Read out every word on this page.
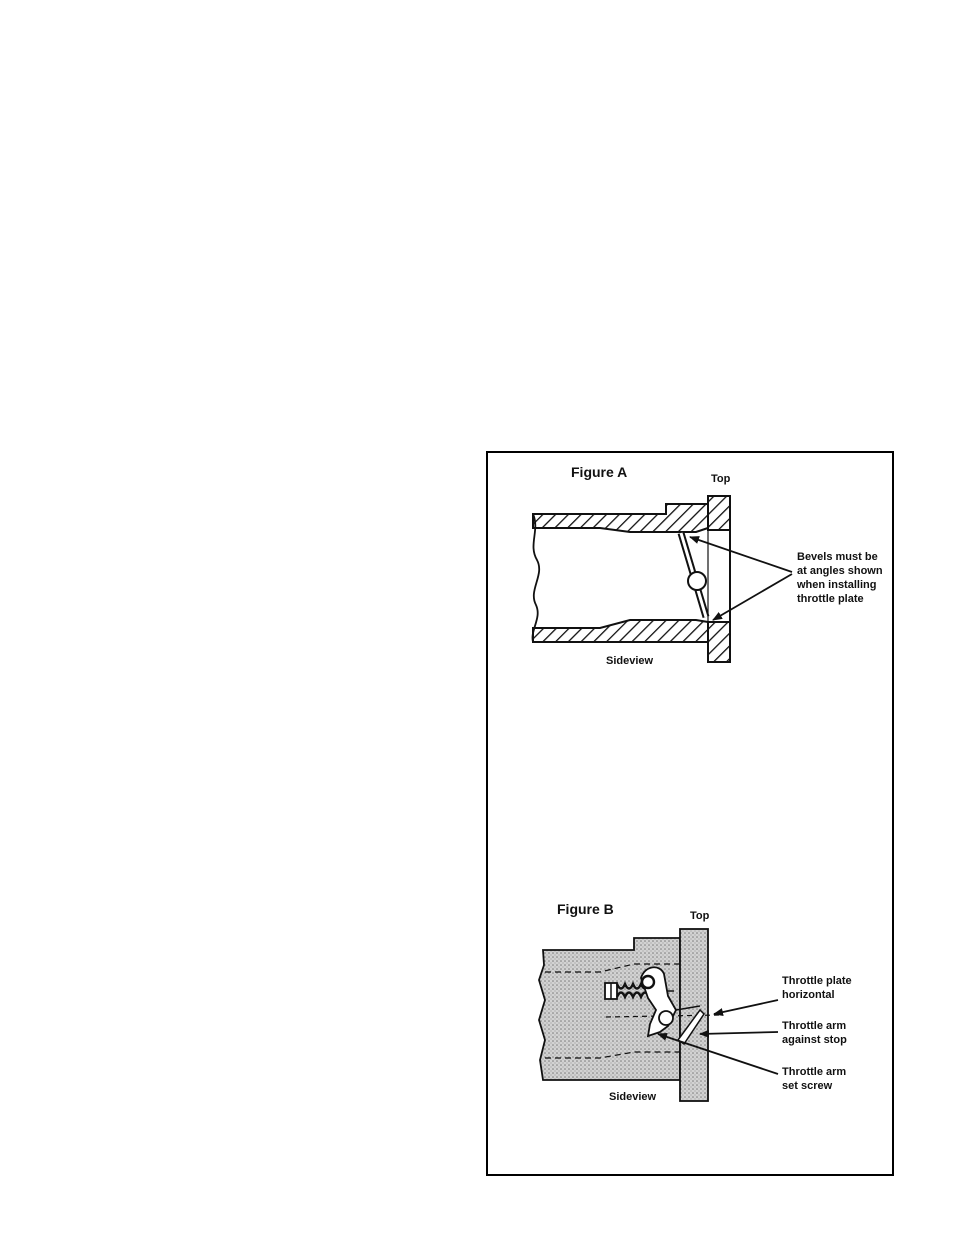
Figure A	Top
Bevels must be at angles shown when installing throttle plate
Sideview
Figure B	Top
Throttle plate horizontal
Throttle arm against stop
Throttle arm set screw
Sideview
